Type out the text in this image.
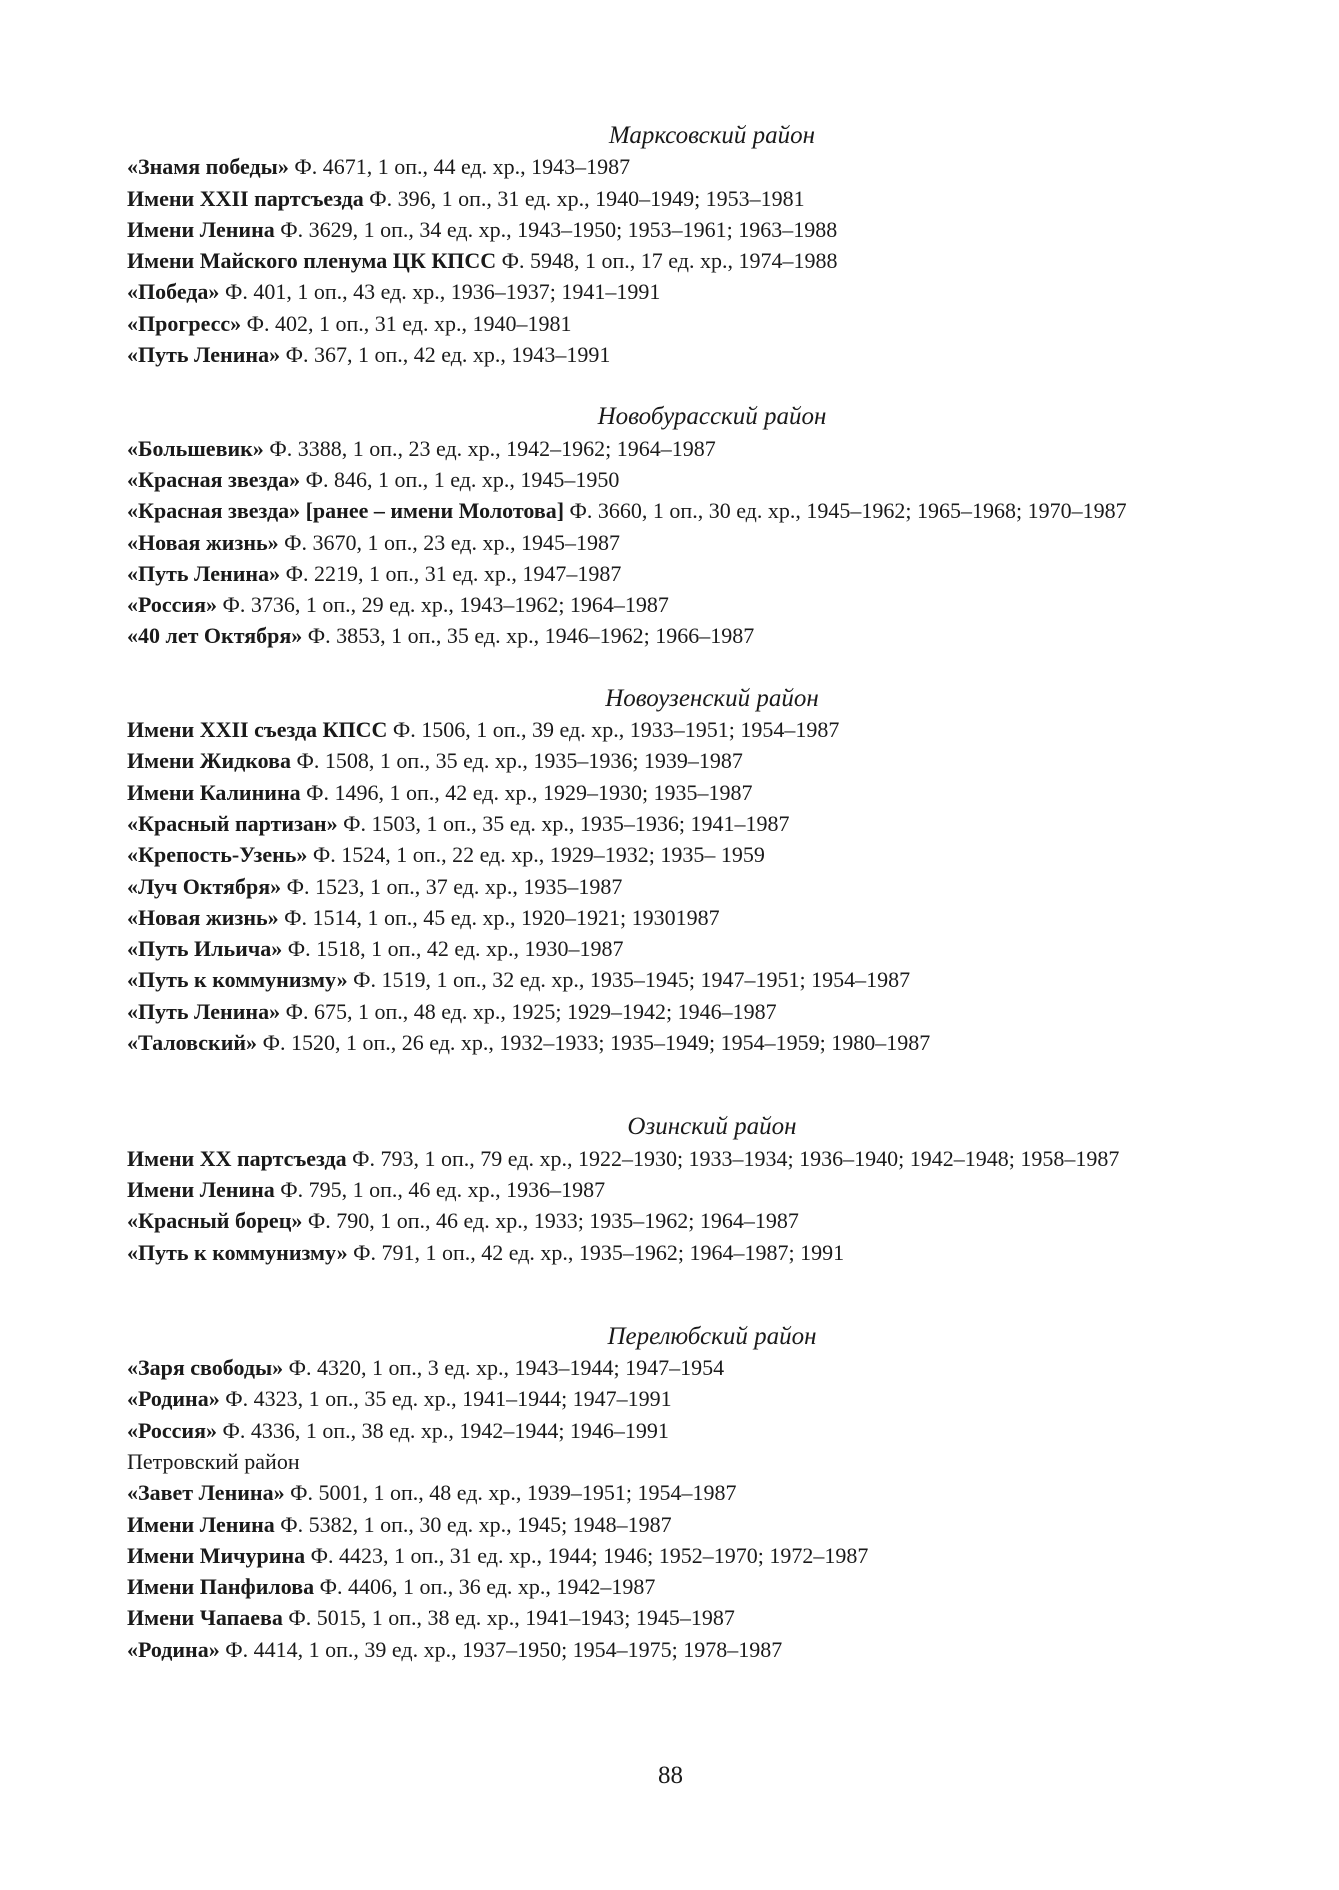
Марксовский район
«Знамя победы» Ф. 4671, 1 оп., 44 ед. хр., 1943–1987
Имени XXII партсъезда Ф. 396, 1 оп., 31 ед. хр., 1940–1949; 1953–1981
Имени Ленина Ф. 3629, 1 оп., 34 ед. хр., 1943–1950; 1953–1961; 1963–1988
Имени Майского пленума ЦК КПСС Ф. 5948, 1 оп., 17 ед. хр., 1974–1988
«Победа» Ф. 401, 1 оп., 43 ед. хр., 1936–1937; 1941–1991
«Прогресс» Ф. 402, 1 оп., 31 ед. хр., 1940–1981
«Путь Ленина» Ф. 367, 1 оп., 42 ед. хр., 1943–1991
Новобурасский район
«Большевик» Ф. 3388, 1 оп., 23 ед. хр., 1942–1962; 1964–1987
«Красная звезда» Ф. 846, 1 оп., 1 ед. хр., 1945–1950
«Красная звезда» [ранее – имени Молотова] Ф. 3660, 1 оп., 30 ед. хр., 1945–1962; 1965–1968; 1970–1987
«Новая жизнь» Ф. 3670, 1 оп., 23 ед. хр., 1945–1987
«Путь Ленина» Ф. 2219, 1 оп., 31 ед. хр., 1947–1987
«Россия» Ф. 3736, 1 оп., 29 ед. хр., 1943–1962; 1964–1987
«40 лет Октября» Ф. 3853, 1 оп., 35 ед. хр., 1946–1962; 1966–1987
Новоузенский район
Имени XXII съезда КПСС Ф. 1506, 1 оп., 39 ед. хр., 1933–1951; 1954–1987
Имени Жидкова Ф. 1508, 1 оп., 35 ед. хр., 1935–1936; 1939–1987
Имени Калинина Ф. 1496, 1 оп., 42 ед. хр., 1929–1930; 1935–1987
«Красный партизан» Ф. 1503, 1 оп., 35 ед. хр., 1935–1936; 1941–1987
«Крепость-Узень» Ф. 1524, 1 оп., 22 ед. хр., 1929–1932; 1935– 1959
«Луч Октября» Ф. 1523, 1 оп., 37 ед. хр., 1935–1987
«Новая жизнь» Ф. 1514, 1 оп., 45 ед. хр., 1920–1921; 19301987
«Путь Ильича» Ф. 1518, 1 оп., 42 ед. хр., 1930–1987
«Путь к коммунизму» Ф. 1519, 1 оп., 32 ед. хр., 1935–1945; 1947–1951; 1954–1987
«Путь Ленина» Ф. 675, 1 оп., 48 ед. хр., 1925; 1929–1942; 1946–1987
«Таловский» Ф. 1520, 1 оп., 26 ед. хр., 1932–1933; 1935–1949; 1954–1959; 1980–1987
Озинский район
Имени XX партсъезда Ф. 793, 1 оп., 79 ед. хр., 1922–1930; 1933–1934; 1936–1940; 1942–1948; 1958–1987
Имени Ленина Ф. 795, 1 оп., 46 ед. хр., 1936–1987
«Красный борец» Ф. 790, 1 оп., 46 ед. хр., 1933; 1935–1962; 1964–1987
«Путь к коммунизму» Ф. 791, 1 оп., 42 ед. хр., 1935–1962; 1964–1987; 1991
Перелюбский район
«Заря свободы» Ф. 4320, 1 оп., 3 ед. хр., 1943–1944; 1947–1954
«Родина» Ф. 4323, 1 оп., 35 ед. хр., 1941–1944; 1947–1991
«Россия» Ф. 4336, 1 оп., 38 ед. хр., 1942–1944; 1946–1991
Петровский район
«Завет Ленина» Ф. 5001, 1 оп., 48 ед. хр., 1939–1951; 1954–1987
Имени Ленина Ф. 5382, 1 оп., 30 ед. хр., 1945; 1948–1987
Имени Мичурина Ф. 4423, 1 оп., 31 ед. хр., 1944; 1946; 1952–1970; 1972–1987
Имени Панфилова Ф. 4406, 1 оп., 36 ед. хр., 1942–1987
Имени Чапаева Ф. 5015, 1 оп., 38 ед. хр., 1941–1943; 1945–1987
«Родина» Ф. 4414, 1 оп., 39 ед. хр., 1937–1950; 1954–1975; 1978–1987
88
